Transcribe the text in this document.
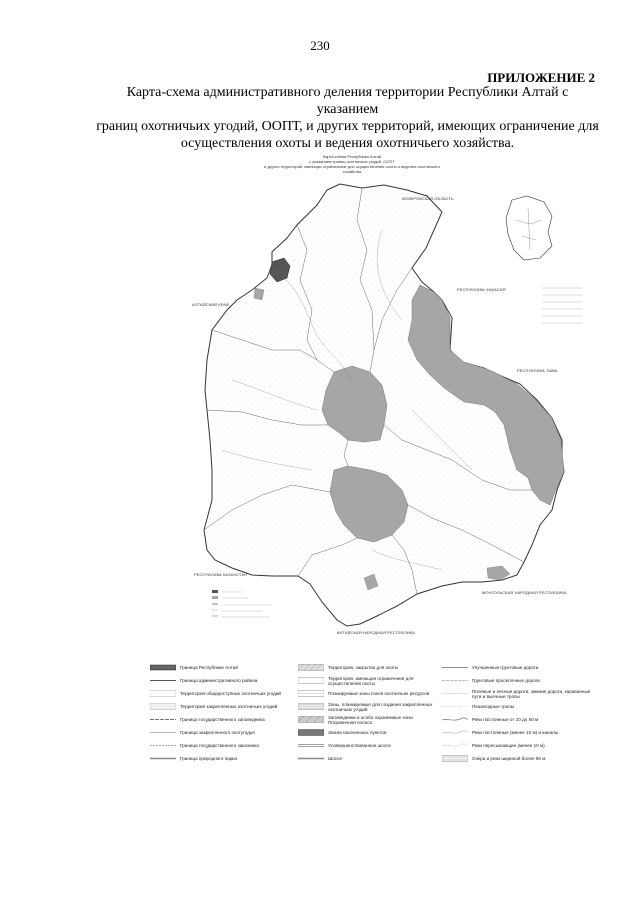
230
ПРИЛОЖЕНИЕ 2
Карта-схема административного деления территории Республики Алтай с указанием
границ охотничьих угодий, ООПТ, и других территорий, имеющих ограничение для
осуществления охоты и ведения охотничьего хозяйства.
Карта-схема Республики Алтай
с указанием границ охотничьих угодий, ООПТ
и других территорий, имеющих ограничение для осуществления охоты и ведения охотничьего хозяйства
КЕМЕРОВСКАЯ ОБЛАСТЬ
АЛТАЙСКИЙ КРАЙ
РЕСПУБЛИКА ХАКАСИЯ
РЕСПУБЛИКА ТЫВА
РЕСПУБЛИКА КАЗАХСТАН
МОНГОЛЬСКАЯ НАРОДНАЯ РЕСПУБЛИКА
КИТАЙСКАЯ НАРОДНАЯ РЕСПУБЛИКА
Граница Республики Алтай
Граница административного района
Территория общедоступных охотничьих угодий
Территория закрепленных охотничьих угодий
Граница государственного заповедника
Граница закрепленного охотугодья
Граница государственного заказника
Граница природного парка
Территория, закрытая для охоты
Территория, имеющая ограничения для осуществления охоты
Планируемые зоны покоя охотничьих ресурсов
Зоны, планируемые для создания закрепленных охотничьих угодий
Заповедники и особо охраняемые зоны Пограничная полоса
Земли населенных пунктов
Усовершенствованное шоссе
Шоссе
Улучшенные грунтовые дороги
Грунтовые проселочные дороги
Полевые и лесные дороги, зимние дороги, караванные пути и вьючные тропы
Пешеходные тропы
Реки постоянные от 10 до 60 м
Реки постоянные (менее 10 м) и каналы
Реки пересыхающие (менее 10 м)
Озера и реки шириной более 60 м
